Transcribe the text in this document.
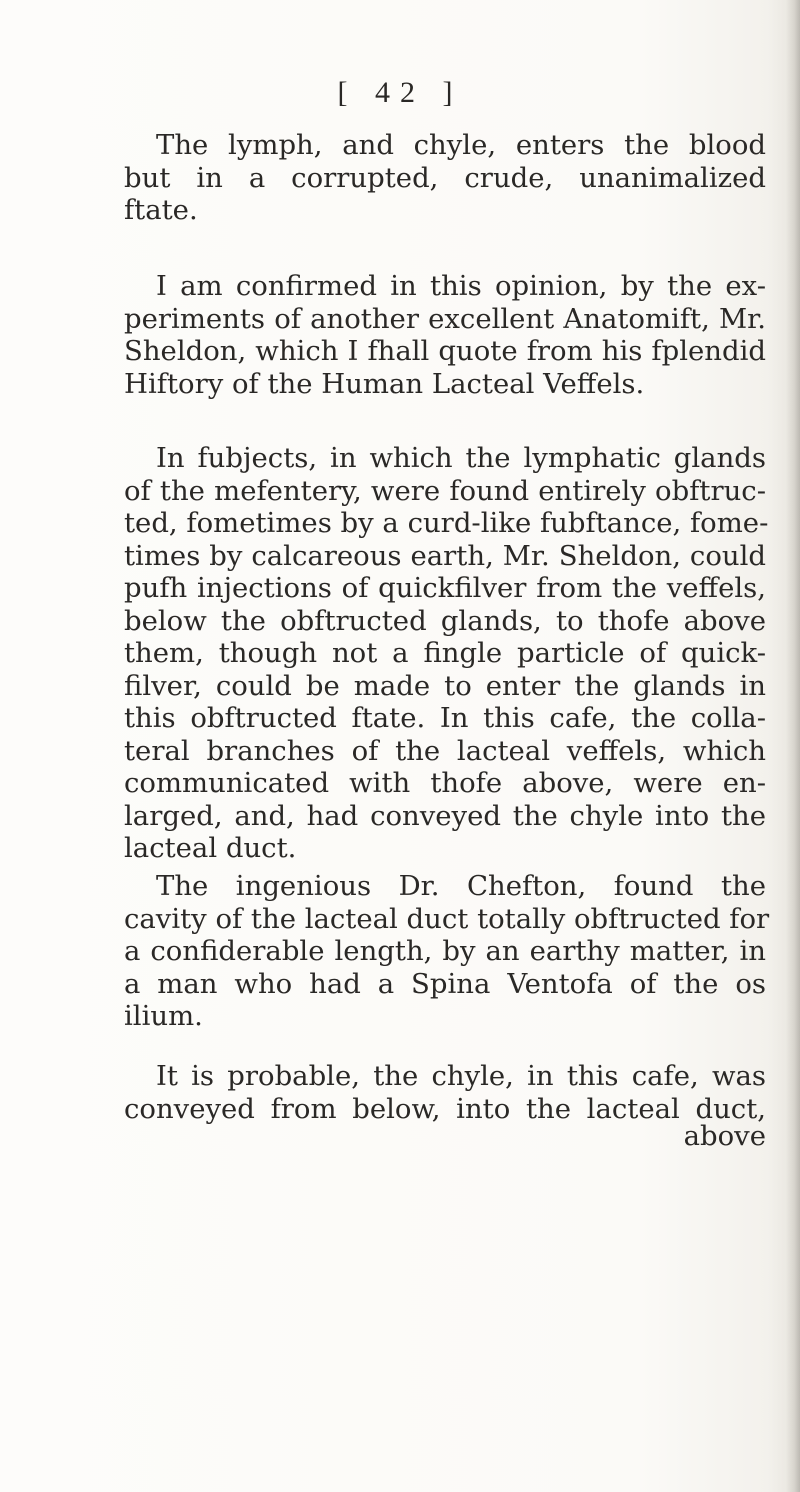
[ 42 ]
The lymph, and chyle, enters the blood
but in a corrupted, crude, unanimalized
ftate.
I am confirmed in this opinion, by the ex-
periments of another excellent Anatomift, Mr.
Sheldon, which I fhall quote from his fplendid
Hiftory of the Human Lacteal Veffels.
In fubjects, in which the lymphatic glands
of the mefentery, were found entirely obftruc-
ted, fometimes by a curd-like fubftance, fome-
times by calcareous earth, Mr. Sheldon, could
pufh injections of quickfilver from the veffels,
below the obftructed glands, to thofe above
them, though not a fingle particle of quick-
filver, could be made to enter the glands in
this obftructed ftate. In this cafe, the colla-
teral branches of the lacteal veffels, which
communicated with thofe above, were en-
larged, and, had conveyed the chyle into the
lacteal duct.
The ingenious Dr. Chefton, found the
cavity of the lacteal duct totally obftructed for
a confiderable length, by an earthy matter, in
a man who had a Spina Ventofa of the os
ilium.
It is probable, the chyle, in this cafe, was
conveyed from below, into the lacteal duct,
above
